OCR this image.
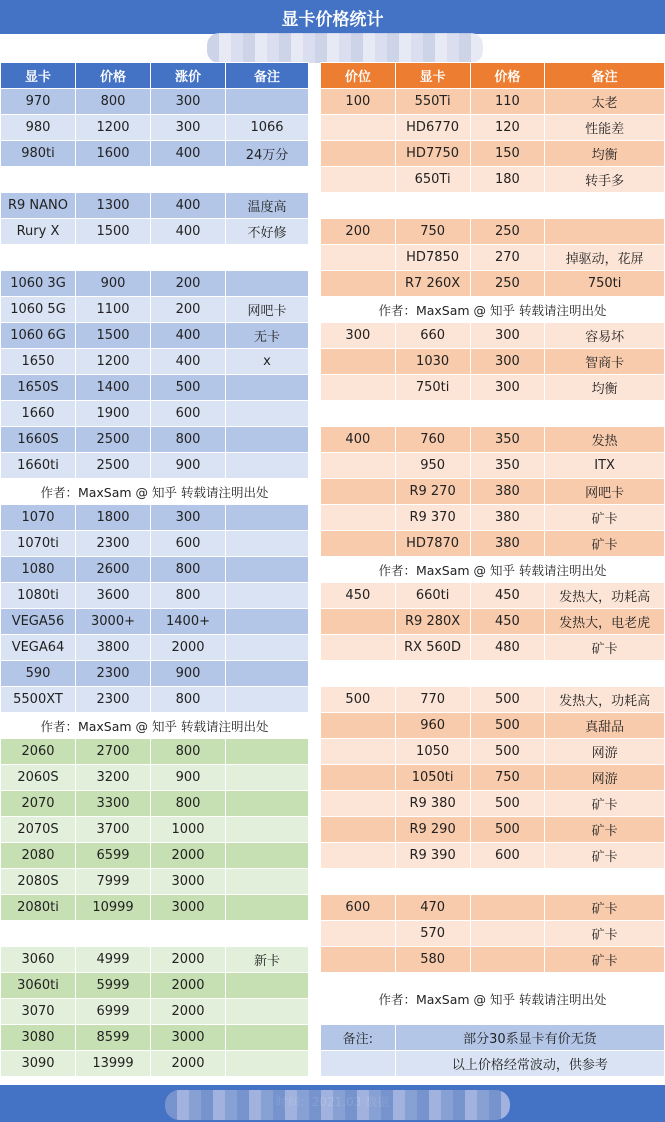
显卡价格统计
显卡	价格	涨价	备注
970	800	300	
980	1200	300	1066
980ti	1600	400	24万分

R9 NANO	1300	400	温度高
Rury X	1500	400	不好修

1060 3G	900	200	
1060 5G	1100	200	网吧卡
1060 6G	1500	400	无卡
1650	1200	400	x
1650S	1400	500	
1660	1900	600	
1660S	2500	800	
1660ti	2500	900	
作者：MaxSam @ 知乎 转载请注明出处			
1070	1800	300	
1070ti	2300	600	
1080	2600	800	
1080ti	3600	800	
VEGA56	3000+	1400+	
VEGA64	3800	2000	
590	2300	900	
5500XT	2300	800	
作者：MaxSam @ 知乎 转载请注明出处			
2060	2700	800	
2060S	3200	900	
2070	3300	800	
2070S	3700	1000	
2080	6599	2000	
2080S	7999	3000	
2080ti	10999	3000	

3060	4999	2000	新卡
3060ti	5999	2000	
3070	6999	2000	
3080	8599	3000	
3090	13999	2000	
价位	显卡	价格	备注
100	550Ti	110	太老
	HD6770	120	性能差
	HD7750	150	均衡
	650Ti	180	转手多

200	750	250	
	HD7850	270	掉驱动，花屏
	R7 260X	250	750ti
作者：MaxSam @ 知乎 转载请注明出处			
300	660	300	容易坏
	1030	300	智商卡
	750ti	300	均衡

400	760	350	发热
	950	350	ITX
	R9 270	380	网吧卡
	R9 370	380	矿卡
	HD7870	380	矿卡
作者：MaxSam @ 知乎 转载请注明出处			
450	660ti	450	发热大，功耗高
	R9 280X	450	发热大，电老虎
	RX 560D	480	矿卡

500	770	500	发热大，功耗高
	960	500	真甜品
	1050	500	网游
	1050ti	750	网游
	R9 380	500	矿卡
	R9 290	500	矿卡
	R9 390	600	矿卡

600	470		矿卡
	570		矿卡
	580		矿卡
作者：MaxSam @ 知乎 转载请注明出处			
备注:	部分30系显卡有价无货		
	以上价格经常波动，供参考		
